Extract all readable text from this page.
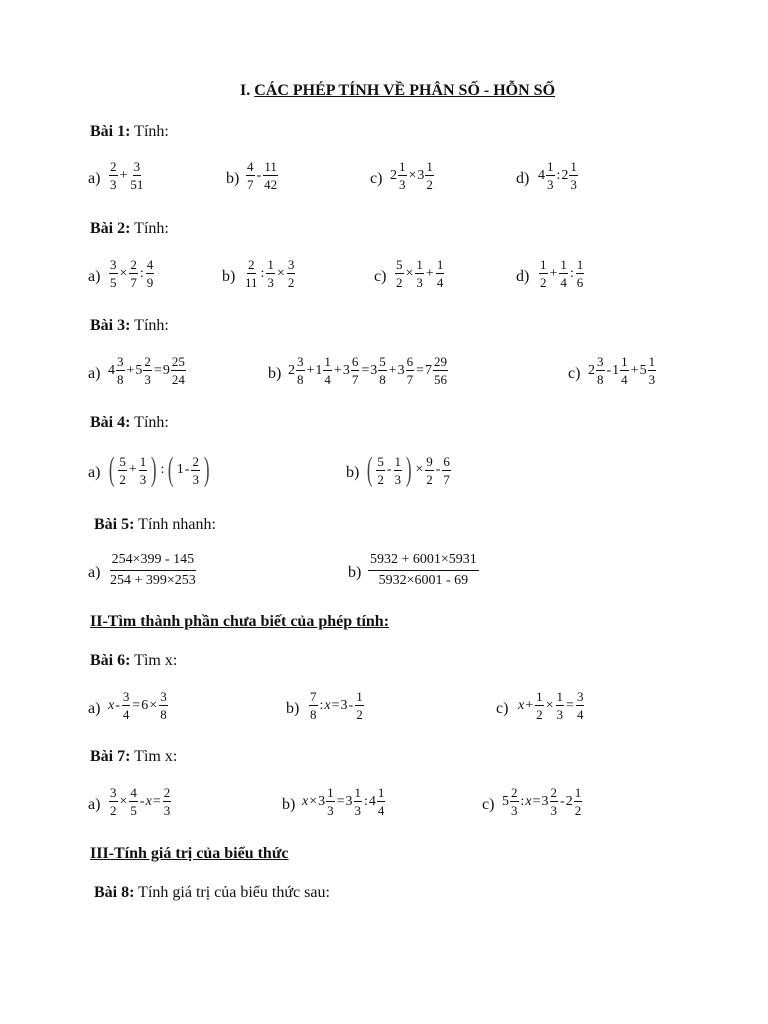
I. CÁC PHÉP TÍNH VỀ PHÂN SỐ - HỖN SỐ
Bài 1: Tính:
$a) \frac{2}{3} + \frac{3}{51}$	$b) \frac{4}{7} - \frac{11}{42}$	c) $2 \frac{1}{3} \times 3 \frac{1}{2}$	d) $4 \frac{1}{3}$ : $2 \frac{1}{3}$
Bài 2: Tính:
$a) \frac{3}{5} \times \frac{2}{7}$ : $\frac{4}{9}$	$b) \frac{2}{11}$ : $\frac{1}{3} \times \frac{3}{2}$	$c) \frac{5}{2} \times \frac{1}{3} + \frac{1}{4}$	$d) \frac{1}{2} + \frac{1}{4}$ : $\frac{1}{6}$
Bài 3: Tính:
a) $4 \frac{3}{8} + 5 \frac{2}{3} = 9 \frac{25}{24}$	b) $2 \frac{3}{8} + 1 \frac{1}{4} + 3 \frac{6}{7} = 3 \frac{5}{8} + 3 \frac{6}{7} = 7 \frac{29}{56}$	c) $2 \frac{3}{8} - 1 \frac{1}{4} + 5 \frac{1}{3}$
Bài 4: Tính:
a) ( $\frac{5}{2} + \frac{1}{3}$ ) : ( $1 - \frac{2}{3}$ )	b) ( $\frac{5}{2} - \frac{1}{3}$ ) × $\frac{9}{2} - \frac{6}{7}$
Bài 5: Tính nhanh:
$a) \frac{254\times 399 - 145}{254 + 399\times 253}$	$b) \frac{5932 + 6001\times 5931}{5932\times 6001 - 69}$
II-Tìm thành phần chưa biết của phép tính:
Bài 6: Tìm x:
a) $x - \frac{3}{4} = 6 \times \frac{3}{8}$	$b) \frac{7}{8}$ : $x = 3 - \frac{1}{2}$	c) $x + \frac{1}{2} \times \frac{1}{3} = \frac{3}{4}$
Bài 7: Tìm x:
$a) \frac{3}{2} \times \frac{4}{5} - x = \frac{2}{3}$	b) $x \times 3 \frac{1}{3} = 3 \frac{1}{3}$ : $4 \frac{1}{4}$	c) $5 \frac{2}{3}$ : $x = 3 \frac{2}{3} - 2 \frac{1}{2}$
III-Tính giá trị của biểu thức
Bài 8: Tính giá trị của biểu thức sau:
